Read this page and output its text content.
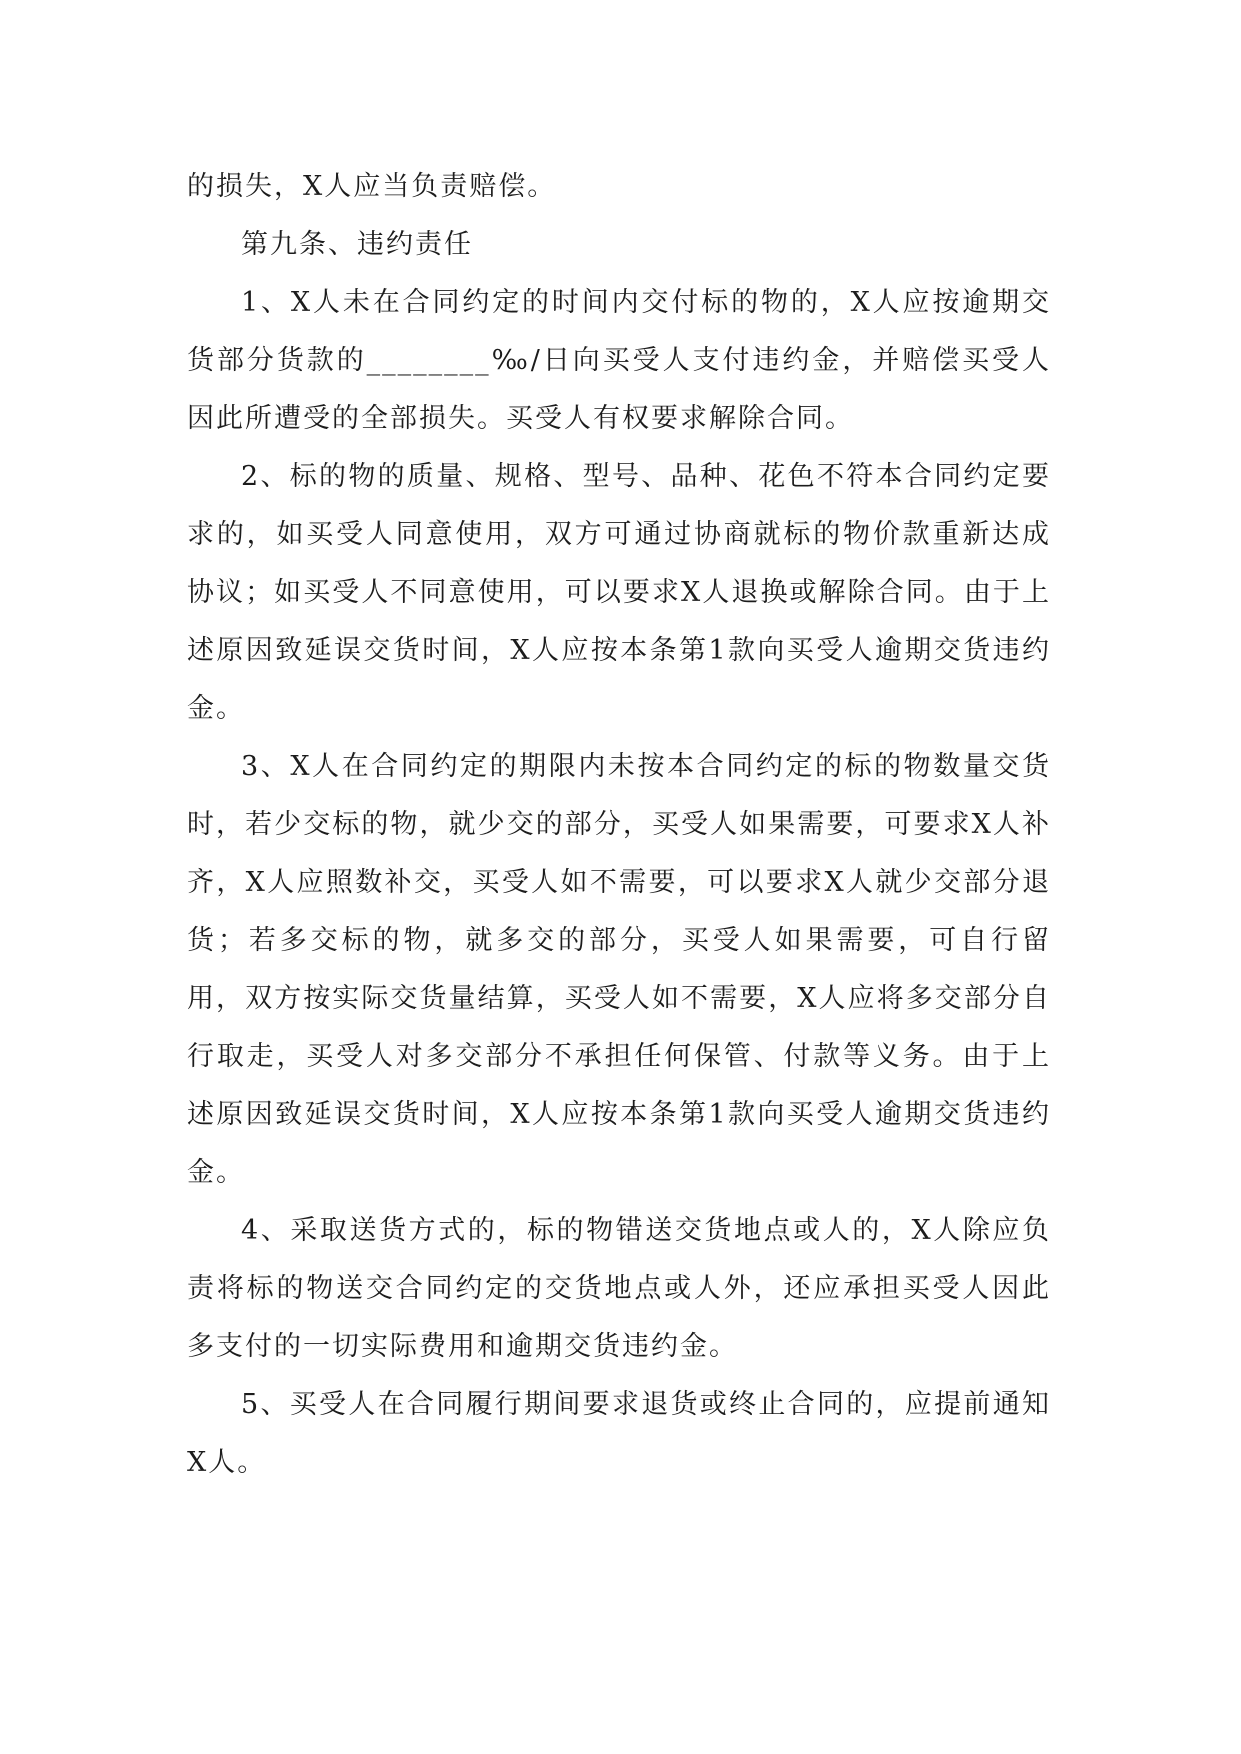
的损失，X人应当负责赔偿。

第九条、违约责任

1、X人未在合同约定的时间内交付标的物的，X人应按逾期交货部分货款的________‰/日向买受人支付违约金，并赔偿买受人因此所遭受的全部损失。买受人有权要求解除合同。

2、标的物的质量、规格、型号、品种、花色不符本合同约定要求的，如买受人同意使用，双方可通过协商就标的物价款重新达成协议；如买受人不同意使用，可以要求X人退换或解除合同。由于上述原因致延误交货时间，X人应按本条第1款向买受人逾期交货违约金。

3、X人在合同约定的期限内未按本合同约定的标的物数量交货时，若少交标的物，就少交的部分，买受人如果需要，可要求X人补齐，X人应照数补交，买受人如不需要，可以要求X人就少交部分退货；若多交标的物，就多交的部分，买受人如果需要，可自行留用，双方按实际交货量结算，买受人如不需要，X人应将多交部分自行取走，买受人对多交部分不承担任何保管、付款等义务。由于上述原因致延误交货时间，X人应按本条第1款向买受人逾期交货违约金。

4、采取送货方式的，标的物错送交货地点或人的，X人除应负责将标的物送交合同约定的交货地点或人外，还应承担买受人因此多支付的一切实际费用和逾期交货违约金。

5、买受人在合同履行期间要求退货或终止合同的，应提前通知X人。
